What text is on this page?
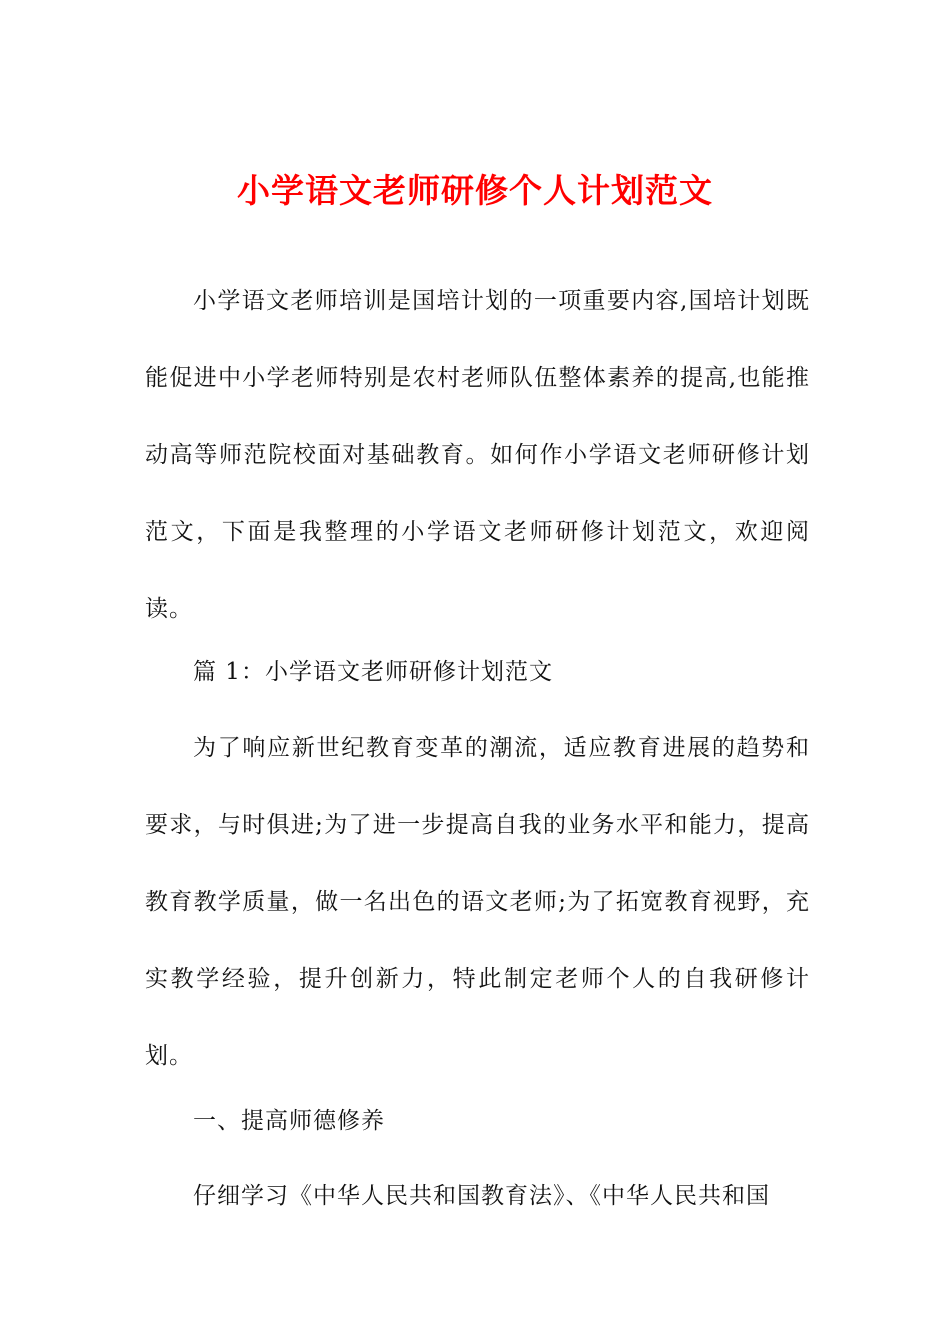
小学语文老师研修个人计划范文

小学语文老师培训是国培计划的一项重要内容,国培计划既能促进中小学老师特别是农村老师队伍整体素养的提高,也能推动高等师范院校面对基础教育。如何作小学语文老师研修计划范文，下面是我整理的小学语文老师研修计划范文，欢迎阅读。

篇 1：小学语文老师研修计划范文

为了响应新世纪教育变革的潮流，适应教育进展的趋势和要求，与时俱进;为了进一步提高自我的业务水平和能力，提高教育教学质量，做一名出色的语文老师;为了拓宽教育视野，充实教学经验，提升创新力，特此制定老师个人的自我研修计划。

一、提高师德修养

仔细学习《中华人民共和国教育法》、《中华人民共和国
